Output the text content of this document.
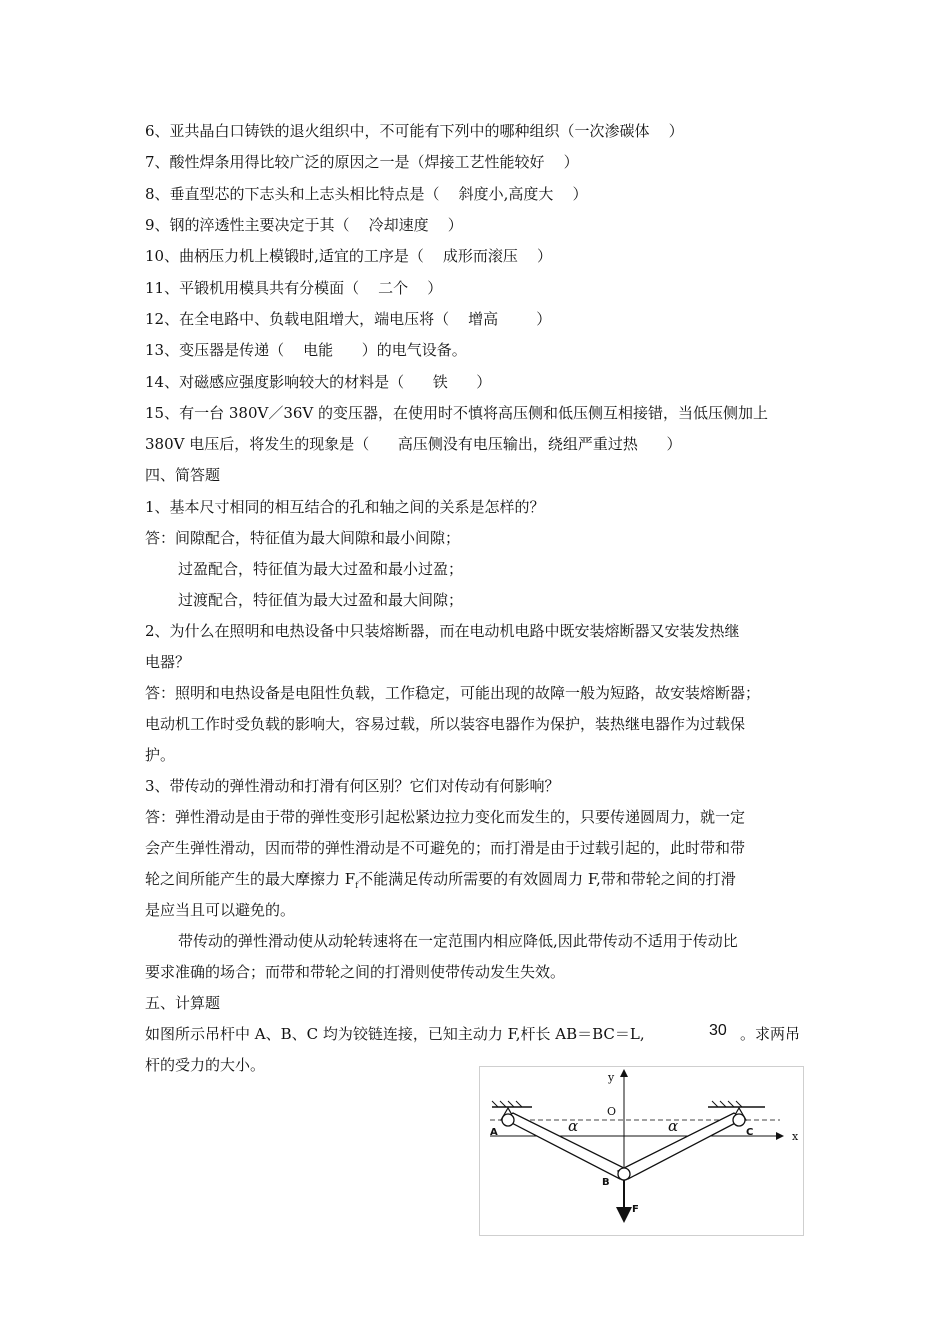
6、亚共晶白口铸铁的退火组织中，不可能有下列中的哪种组织（一次渗碳体    ）
7、酸性焊条用得比较广泛的原因之一是（焊接工艺性能较好    ）
8、垂直型芯的下志头和上志头相比特点是（    斜度小,高度大    ）
9、钢的淬透性主要决定于其（    冷却速度    ）
10、曲柄压力机上模锻时,适宜的工序是（    成形而滚压    ）
11、平锻机用模具共有分模面（    二个    ）
12、在全电路中、负载电阻增大，端电压将（    增高        ）
13、变压器是传递（    电能      ）的电气设备。
14、对磁感应强度影响较大的材料是（      铁      ）
15、有一台 380V／36V 的变压器，在使用时不慎将高压侧和低压侧互相接错，当低压侧加上
380V 电压后，将发生的现象是（      高压侧没有电压输出，绕组严重过热      ）
四、简答题
1、基本尺寸相同的相互结合的孔和轴之间的关系是怎样的？
答：间隙配合，特征值为最大间隙和最小间隙；
过盈配合，特征值为最大过盈和最小过盈；
过渡配合，特征值为最大过盈和最大间隙；
2、为什么在照明和电热设备中只装熔断器，而在电动机电路中既安装熔断器又安装发热继
电器？
答：照明和电热设备是电阻性负载，工作稳定，可能出现的故障一般为短路，故安装熔断器；
电动机工作时受负载的影响大，容易过载，所以装容电器作为保护，装热继电器作为过载保
护。
3、带传动的弹性滑动和打滑有何区别？它们对传动有何影响？
答：弹性滑动是由于带的弹性变形引起松紧边拉力变化而发生的，只要传递圆周力，就一定
会产生弹性滑动，因而带的弹性滑动是不可避免的；而打滑是由于过载引起的，此时带和带
轮之间所能产生的最大摩擦力 $F_f$不能满足传动所需要的有效圆周力 F,带和带轮之间的打滑
是应当且可以避免的。
带传动的弹性滑动使从动轮转速将在一定范围内相应降低,因此带传动不适用于传动比
要求准确的场合；而带和带轮之间的打滑则使带传动发生失效。
五、计算题
如图所示吊杆中 A、B、C 均为铰链连接，已知主动力 F,杆长 AB＝BC＝L,	。求两吊
30
杆的受力的大小。
y
x
O
A	C
B
F
α	α
